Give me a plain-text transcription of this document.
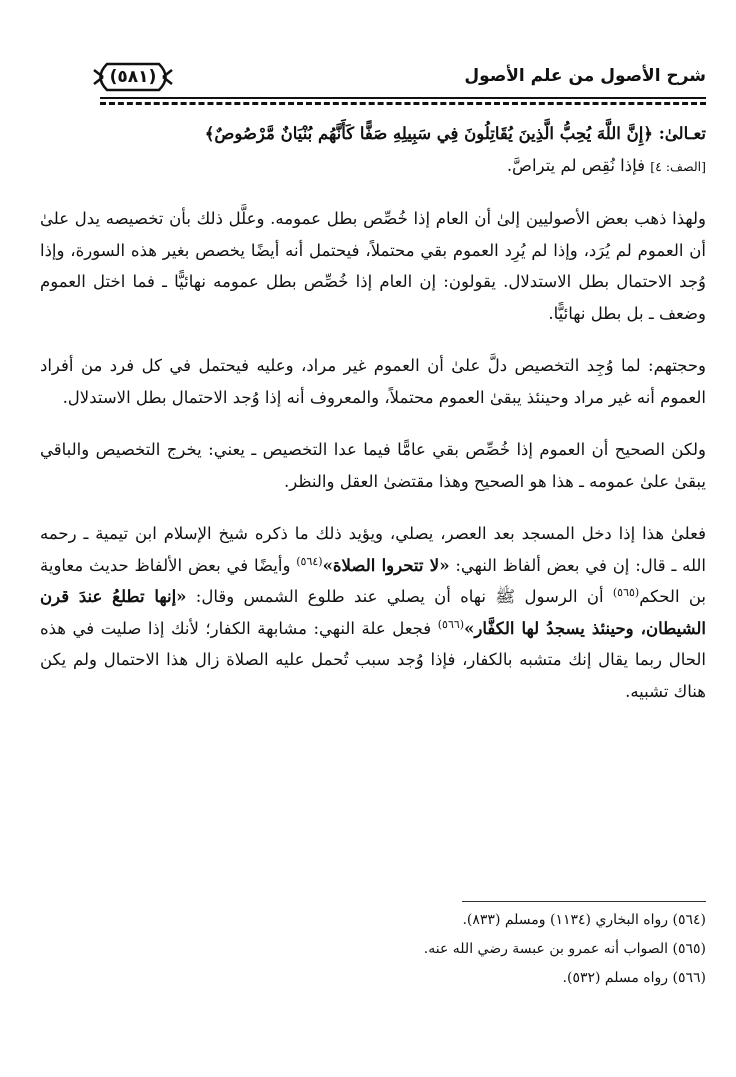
شرح الأصول من علم الأصول
(٥٨١)

تعـالىٰ: ﴿إِنَّ اللَّهَ يُحِبُّ الَّذِينَ يُقَاتِلُونَ فِي سَبِيلِهِ صَفًّا كَأَنَّهُم بُنْيَانٌ مَّرْصُوصٌ﴾

[الصف: ٤] فإذا نُقِص لم يتراصَّ.

ولهذا ذهب بعض الأصوليين إلىٰ أن العام إذا خُصِّص بطل عمومه. وعلَّل ذلك بأن تخصيصه يدل علىٰ أن العموم لم يُرَد، وإذا لم يُرِد العموم بقي محتملاً، فيحتمل أنه أيضًا يخصص بغير هذه السورة، وإذا وُجد الاحتمال بطل الاستدلال. يقولون: إن العام إذا خُصِّص بطل عمومه نهائيًّا ـ فما اختل العموم وضعف ـ بل بطل نهائيًّا.

وحجتهم: لما وُجِد التخصيص دلَّ علىٰ أن العموم غير مراد، وعليه فيحتمل في كل فرد من أفراد العموم أنه غير مراد وحينئذ يبقىٰ العموم محتملاً، والمعروف أنه إذا وُجد الاحتمال بطل الاستدلال.

ولكن الصحيح أن العموم إذا خُصِّص بقي عامًّا فيما عدا التخصيص ـ يعني: يخرج التخصيص والباقي يبقىٰ علىٰ عمومه ـ هذا هو الصحيح وهذا مقتضىٰ العقل والنظر.

فعلىٰ هذا إذا دخل المسجد بعد العصر، يصلي، ويؤيد ذلك ما ذكره شيخ الإسلام ابن تيمية ـ رحمه الله ـ قال: إن في بعض ألفاظ النهي: «لا تتحروا الصلاة»$^{(٥٦٤)}$ وأيضًا في بعض الألفاظ حديث معاوية بن الحكم$^{(٥٦٥)}$ أن الرسول ﷺ نهاه أن يصلي عند طلوع الشمس وقال: «إنها تطلعُ عندَ قرن الشيطان، وحينئذ يسجدُ لها الكفَّار»$^{(٥٦٦)}$ فجعل علة النهي: مشابهة الكفار؛ لأنك إذا صليت في هذه الحال ربما يقال إنك متشبه بالكفار، فإذا وُجد سبب تُحمل عليه الصلاة زال هذا الاحتمال ولم يكن هناك تشبيه.

(٥٦٤) رواه البخاري (١١٣٤) ومسلم (٨٣٣).

(٥٦٥) الصواب أنه عمرو بن عبسة رضي الله عنه.

(٥٦٦) رواه مسلم (٥٣٢).
